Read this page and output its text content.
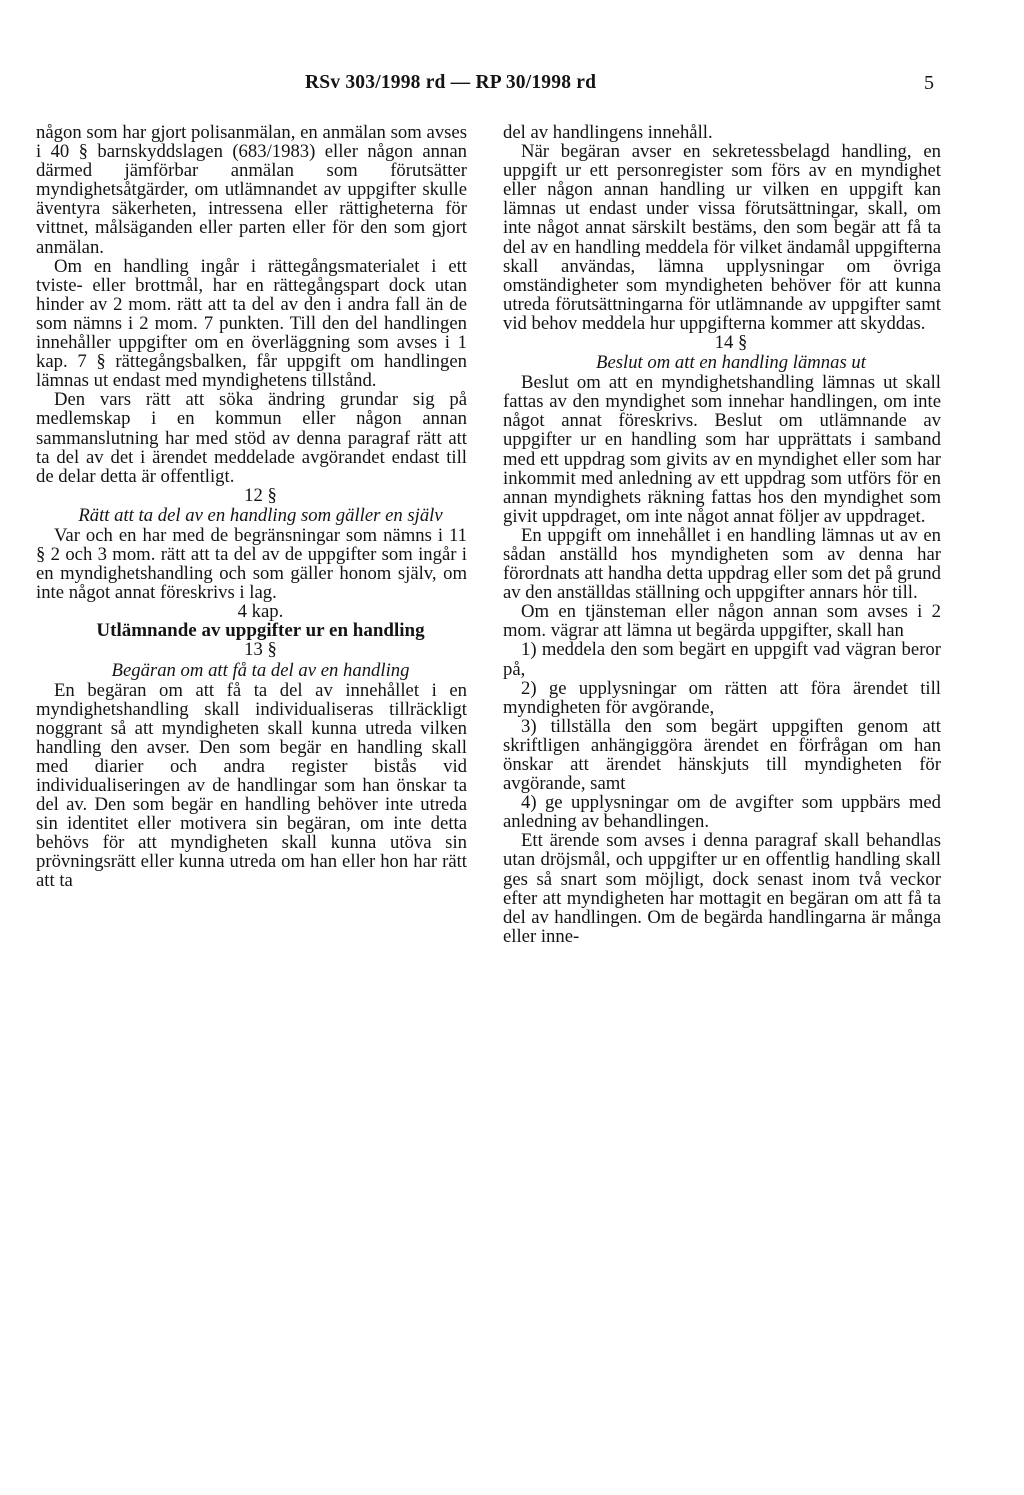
RSv 303/1998 rd — RP 30/1998 rd	5

någon som har gjort polisanmälan, en anmälan som avses i 40 § barnskyddslagen (683/1983) eller någon annan därmed jämförbar anmälan som förutsätter myndighetsåtgärder, om utlämnandet av uppgifter skulle äventyra säkerheten, intressena eller rättigheterna för vittnet, målsäganden eller parten eller för den som gjort anmälan.

Om en handling ingår i rättegångsmaterialet i ett tviste- eller brottmål, har en rättegångspart dock utan hinder av 2 mom. rätt att ta del av den i andra fall än de som nämns i 2 mom. 7 punkten. Till den del handlingen innehåller uppgifter om en överläggning som avses i 1 kap. 7 § rättegångsbalken, får uppgift om handlingen lämnas ut endast med myndighetens tillstånd.

Den vars rätt att söka ändring grundar sig på medlemskap i en kommun eller någon annan sammanslutning har med stöd av denna paragraf rätt att ta del av det i ärendet meddelade avgörandet endast till de delar detta är offentligt.

12 §

Rätt att ta del av en handling som gäller en själv

Var och en har med de begränsningar som nämns i 11 § 2 och 3 mom. rätt att ta del av de uppgifter som ingår i en myndighetshandling och som gäller honom själv, om inte något annat föreskrivs i lag.

4 kap.

Utlämnande av uppgifter ur en handling

13 §

Begäran om att få ta del av en handling

En begäran om att få ta del av innehållet i en myndighetshandling skall individualiseras tillräckligt noggrant så att myndigheten skall kunna utreda vilken handling den avser. Den som begär en handling skall med diarier och andra register bistås vid individualiseringen av de handlingar som han önskar ta del av. Den som begär en handling behöver inte utreda sin identitet eller motivera sin begäran, om inte detta behövs för att myndigheten skall kunna utöva sin prövningsrätt eller kunna utreda om han eller hon har rätt att ta

del av handlingens innehåll.

När begäran avser en sekretessbelagd handling, en uppgift ur ett personregister som förs av en myndighet eller någon annan handling ur vilken en uppgift kan lämnas ut endast under vissa förutsättningar, skall, om inte något annat särskilt bestäms, den som begär att få ta del av en handling meddela för vilket ändamål uppgifterna skall användas, lämna upplysningar om övriga omständigheter som myndigheten behöver för att kunna utreda förutsättningarna för utlämnande av uppgifter samt vid behov meddela hur uppgifterna kommer att skyddas.

14 §

Beslut om att en handling lämnas ut

Beslut om att en myndighetshandling lämnas ut skall fattas av den myndighet som innehar handlingen, om inte något annat föreskrivs. Beslut om utlämnande av uppgifter ur en handling som har upprättats i samband med ett uppdrag som givits av en myndighet eller som har inkommit med anledning av ett uppdrag som utförs för en annan myndighets räkning fattas hos den myndighet som givit uppdraget, om inte något annat följer av uppdraget.

En uppgift om innehållet i en handling lämnas ut av en sådan anställd hos myndigheten som av denna har förordnats att handha detta uppdrag eller som det på grund av den anställdas ställning och uppgifter annars hör till.

Om en tjänsteman eller någon annan som avses i 2 mom. vägrar att lämna ut begärda uppgifter, skall han

1) meddela den som begärt en uppgift vad vägran beror på,

2) ge upplysningar om rätten att föra ärendet till myndigheten för avgörande,

3) tillställa den som begärt uppgiften genom att skriftligen anhängiggöra ärendet en förfrågan om han önskar att ärendet hänskjuts till myndigheten för avgörande, samt

4) ge upplysningar om de avgifter som uppbärs med anledning av behandlingen.

Ett ärende som avses i denna paragraf skall behandlas utan dröjsmål, och uppgifter ur en offentlig handling skall ges så snart som möjligt, dock senast inom två veckor efter att myndigheten har mottagit en begäran om att få ta del av handlingen. Om de begärda handlingarna är många eller inne-
